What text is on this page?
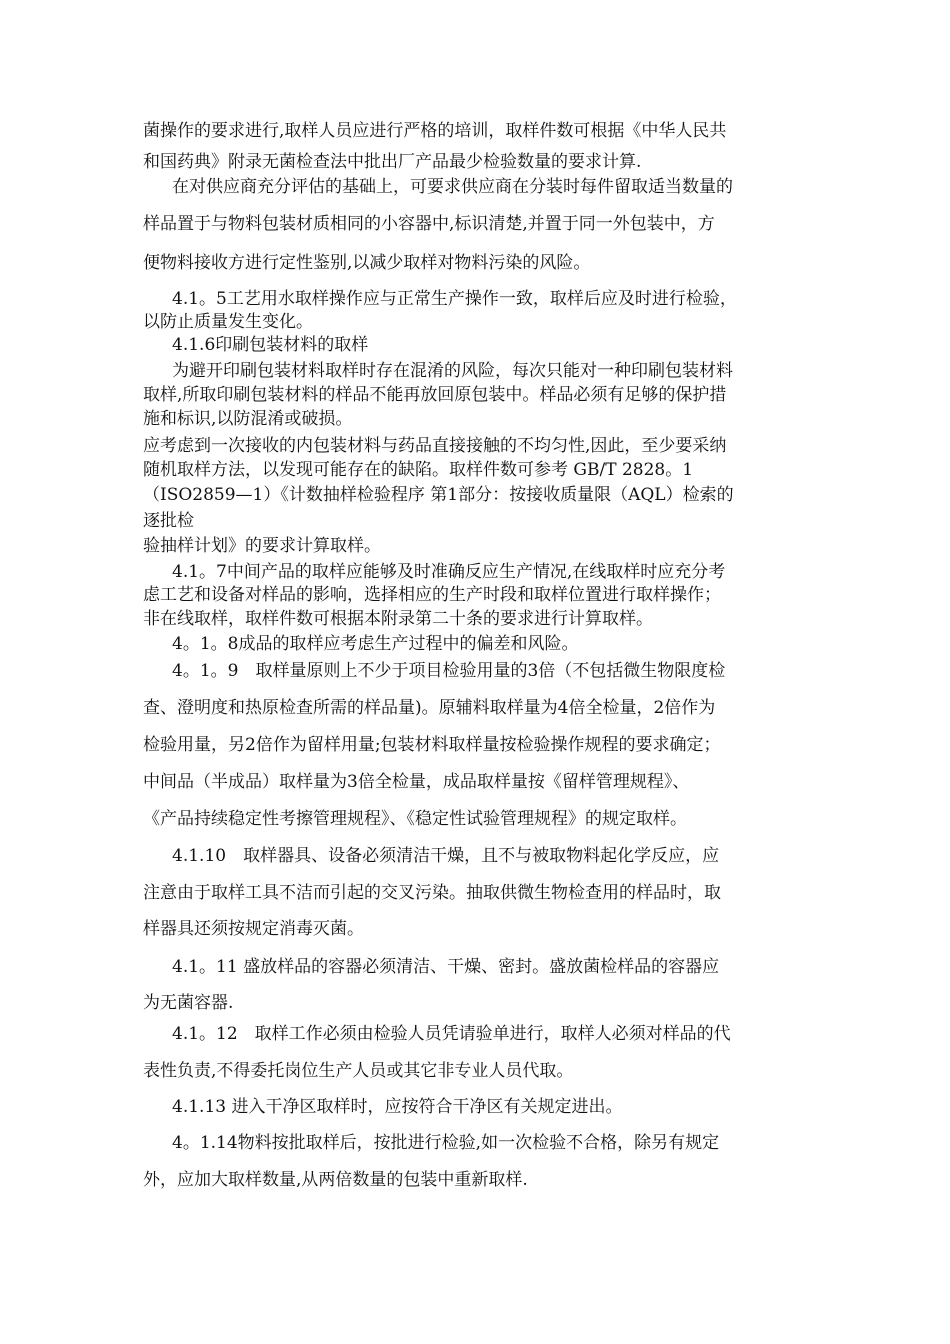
菌操作的要求进行,取样人员应进行严格的培训，取样件数可根据《中华人民共
和国药典》附录无菌检查法中批出厂产品最少检验数量的要求计算.
在对供应商充分评估的基础上，可要求供应商在分装时每件留取适当数量的
样品置于与物料包装材质相同的小容器中,标识清楚,并置于同一外包装中，方
便物料接收方进行定性鉴别,以减少取样对物料污染的风险。
4.1。5工艺用水取样操作应与正常生产操作一致，取样后应及时进行检验，
以防止质量发生变化。
4.1.6印刷包装材料的取样
为避开印刷包装材料取样时存在混淆的风险，每次只能对一种印刷包装材料
取样,所取印刷包装材料的样品不能再放回原包装中。样品必须有足够的保护措
施和标识,以防混淆或破损。
应考虑到一次接收的内包装材料与药品直接接触的不均匀性,因此，至少要采纳
随机取样方法，以发现可能存在的缺陷。取样件数可参考 GB/T 2828。1
（ISO2859—1）《计数抽样检验程序 第1部分：按接收质量限（AQL）检索的
逐批检
验抽样计划》的要求计算取样。
4.1。7中间产品的取样应能够及时准确反应生产情况,在线取样时应充分考
虑工艺和设备对样品的影响，选择相应的生产时段和取样位置进行取样操作；
非在线取样，取样件数可根据本附录第二十条的要求进行计算取样。
4。1。8成品的取样应考虑生产过程中的偏差和风险。
4。1。9　取样量原则上不少于项目检验用量的3倍（不包括微生物限度检
查、澄明度和热原检查所需的样品量)。原辅料取样量为4倍全检量，2倍作为
检验用量，另2倍作为留样用量;包装材料取样量按检验操作规程的要求确定；
中间品（半成品）取样量为3倍全检量，成品取样量按《留样管理规程》、
《产品持续稳定性考擦管理规程》、《稳定性试验管理规程》的规定取样。
4.1.10　取样器具、设备必须清洁干燥，且不与被取物料起化学反应，应
注意由于取样工具不洁而引起的交叉污染。抽取供微生物检查用的样品时，取
样器具还须按规定消毒灭菌。
4.1。11 盛放样品的容器必须清洁、干燥、密封。盛放菌检样品的容器应
为无菌容器.
4.1。12　取样工作必须由检验人员凭请验单进行，取样人必须对样品的代
表性负责,不得委托岗位生产人员或其它非专业人员代取。
4.1.13 进入干净区取样时，应按符合干净区有关规定进出。
4。1.14物料按批取样后，按批进行检验,如一次检验不合格，除另有规定
外，应加大取样数量,从两倍数量的包装中重新取样.
